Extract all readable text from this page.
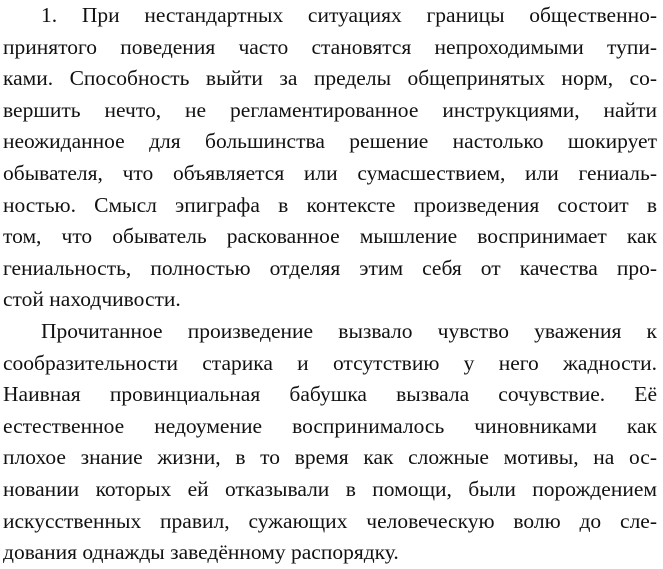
1. При нестандартных ситуациях границы общественно-
принятого поведения часто становятся непроходимыми тупи-
ками. Способность выйти за пределы общепринятых норм, со-
вершить нечто, не регламентированное инструкциями, найти
неожиданное для большинства решение настолько шокирует
обывателя, что объявляется или сумасшествием, или гениаль-
ностью. Смысл эпиграфа в контексте произведения состоит в
том, что обыватель раскованное мышление воспринимает как
гениальность, полностью отделяя этим себя от качества про-
стой находчивости.
Прочитанное произведение вызвало чувство уважения к
сообразительности старика и отсутствию у него жадности.
Наивная провинциальная бабушка вызвала сочувствие. Её
естественное недоумение воспринималось чиновниками как
плохое знание жизни, в то время как сложные мотивы, на ос-
новании которых ей отказывали в помощи, были порождением
искусственных правил, сужающих человеческую волю до сле-
дования однажды заведённому распорядку.
